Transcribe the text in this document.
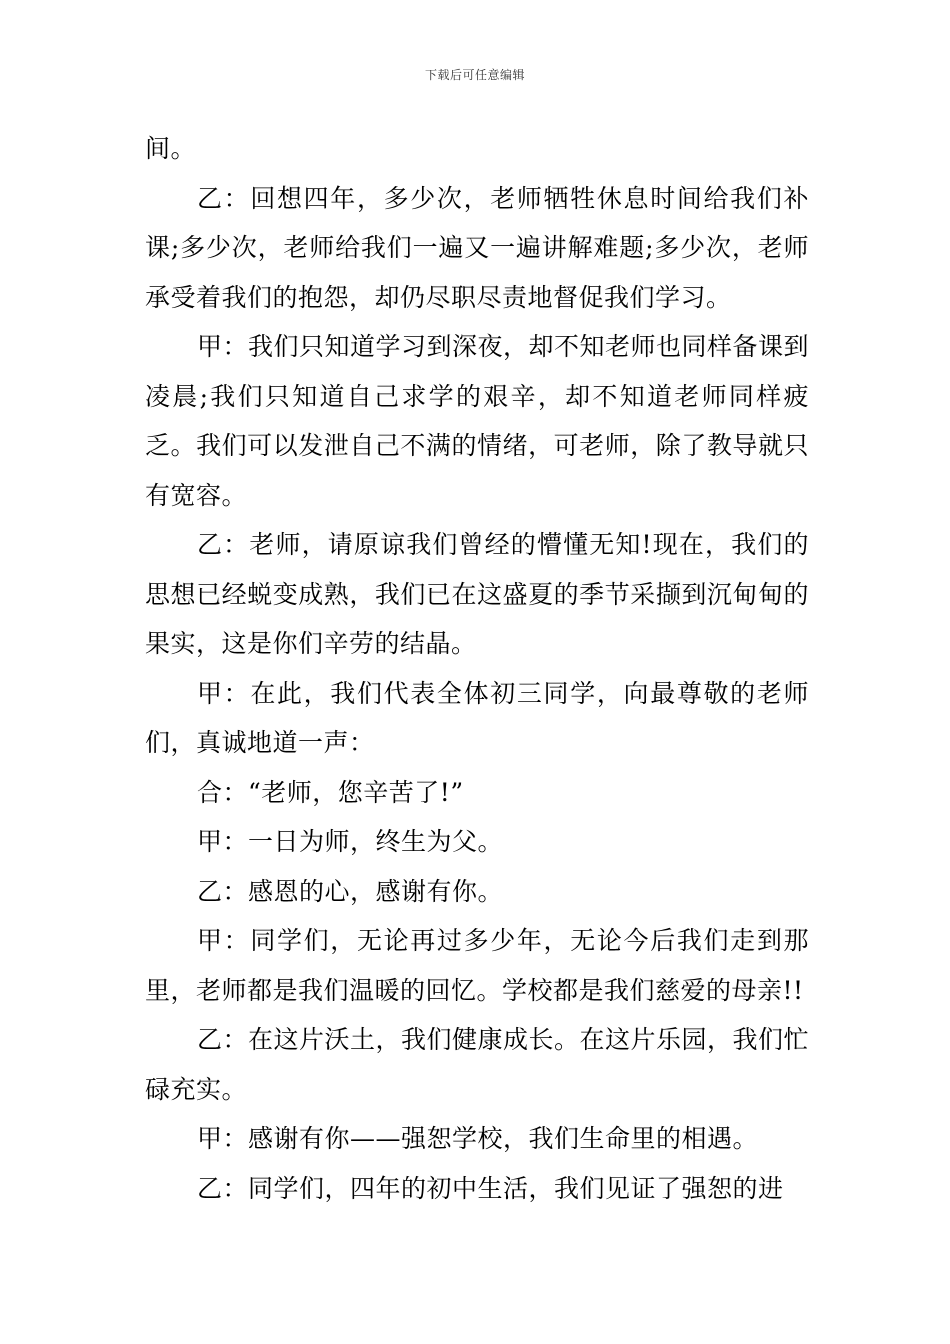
下载后可任意编辑

间。

乙：回想四年，多少次，老师牺牲休息时间给我们补课;多少次，老师给我们一遍又一遍讲解难题;多少次，老师承受着我们的抱怨，却仍尽职尽责地督促我们学习。

甲：我们只知道学习到深夜，却不知老师也同样备课到凌晨;我们只知道自己求学的艰辛，却不知道老师同样疲乏。我们可以发泄自己不满的情绪，可老师，除了教导就只有宽容。

乙：老师，请原谅我们曾经的懵懂无知!现在，我们的思想已经蜕变成熟，我们已在这盛夏的季节采撷到沉甸甸的果实，这是你们辛劳的结晶。

甲：在此，我们代表全体初三同学，向最尊敬的老师们，真诚地道一声：

合：“老师，您辛苦了!”

甲：一日为师，终生为父。

乙：感恩的心，感谢有你。

甲：同学们，无论再过多少年，无论今后我们走到那里，老师都是我们温暖的回忆。学校都是我们慈爱的母亲!!

乙：在这片沃土，我们健康成长。在这片乐园，我们忙碌充实。

甲：感谢有你——强恕学校，我们生命里的相遇。

乙：同学们，四年的初中生活，我们见证了强恕的进
